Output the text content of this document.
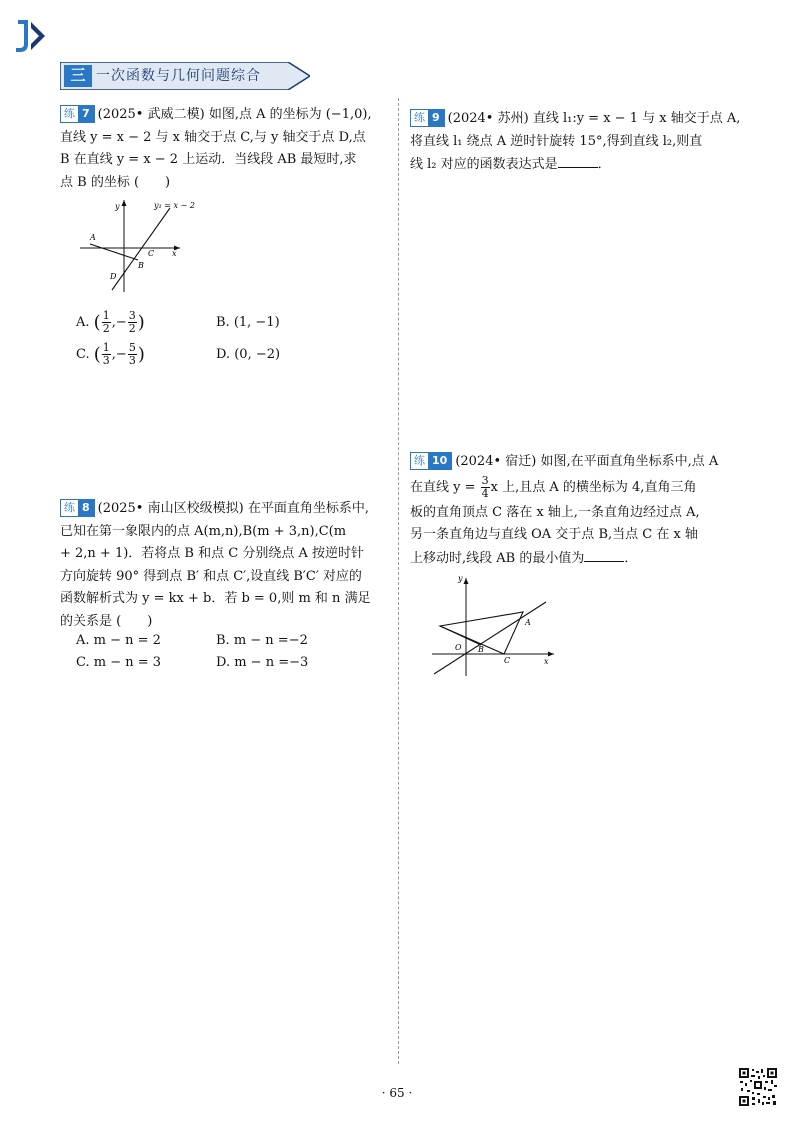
三 一次函数与几何问题综合
练 7 (2025• 武威二模) 如图,点 A 的坐标为 (−1,0),
直线 y = x − 2 与 x 轴交于点 C,与 y 轴交于点 D,点
B 在直线 y = x − 2 上运动．当线段 AB 最短时,求
点 B 的坐标 (　　)
y
x
y₁ = x − 2
A
C
B
D
A. ( $\frac{1}{2}$ ,− $\frac{3}{2}$ )	B. (1, −1)
C. ( $\frac{1}{3}$ ,− $\frac{5}{3}$ )	D. (0, −2)
练 8 (2025• 南山区校级模拟) 在平面直角坐标系中,
已知在第一象限内的点 A(m,n),B(m + 3,n),C(m
+ 2,n + 1)．若将点 B 和点 C 分别绕点 A 按逆时针
方向旋转 90° 得到点 B′ 和点 C′,设直线 B′C′ 对应的
函数解析式为 y = kx + b．若 b = 0,则 m 和 n 满足
的关系是 (　　)
A. m − n = 2	B. m − n =−2
C. m − n = 3	D. m − n =−3
练 9 (2024• 苏州) 直线 l₁:y = x − 1 与 x 轴交于点 A,
将直线 l₁ 绕点 A 逆时针旋转 15°,得到直线 l₂,则直
线 l₂ 对应的函数表达式是	．
练 10 (2024• 宿迁) 如图,在平面直角坐标系中,点 A
在直线 $y = \frac{3}{4}$ x 上,且点 A 的横坐标为 4,直角三角
板的直角顶点 C 落在 x 轴上,一条直角边经过点 A,
另一条直角边与直线 OA 交于点 B,当点 C 在 x 轴
上移动时,线段 AB 的最小值为	．
y
x
O
A
B
C
· 65 ·
